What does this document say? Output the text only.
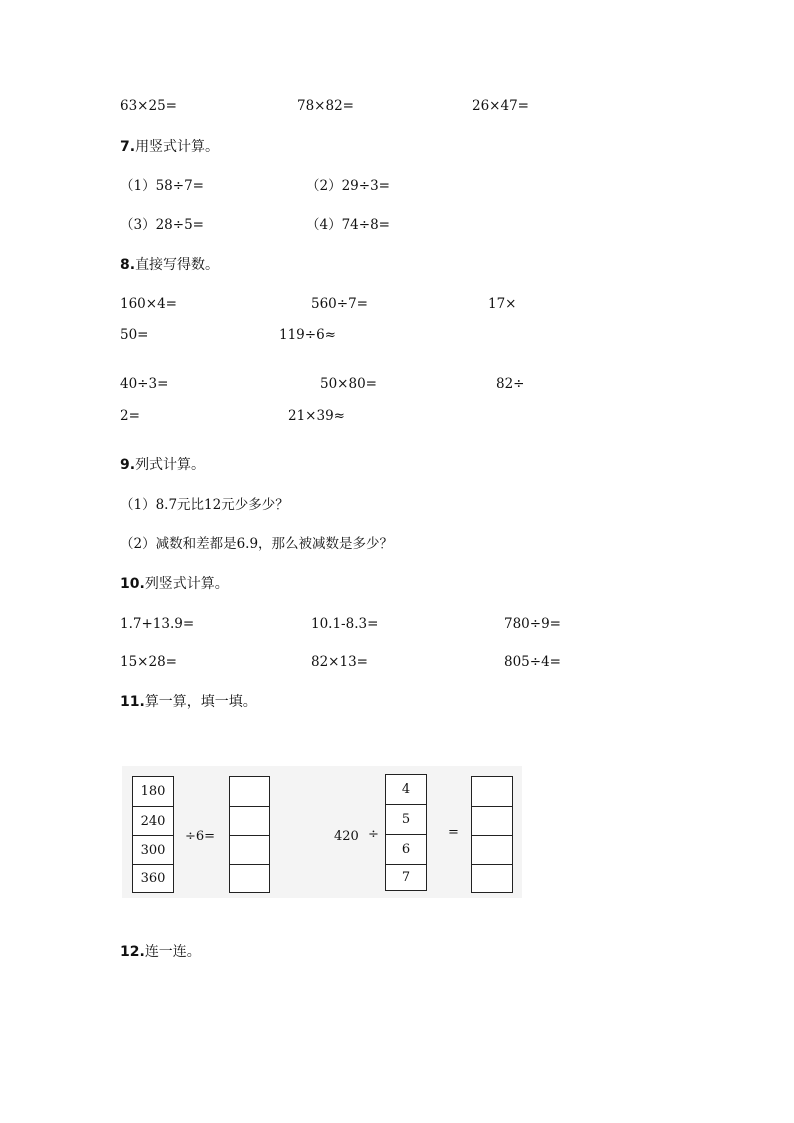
63×25=	78×82=	26×47=
7.用竖式计算。
（1）58÷7=	（2）29÷3=
（3）28÷5=	（4）74÷8=
8.直接写得数。
160×4=	560÷7=	17×
50=	119÷6≈
40÷3=	50×80=	82÷
2=	21×39≈
9.列式计算。
（1）8.7元比12元少多少？
（2）减数和差都是6.9，那么被减数是多少？
10.列竖式计算。
1.7+13.9=	10.1-8.3=	780÷9=
15×28=	82×13=	805÷4=
11.算一算，填一填。
180
240
300
360
÷6=	420 ÷
4
5
6
7
=
12.连一连。
